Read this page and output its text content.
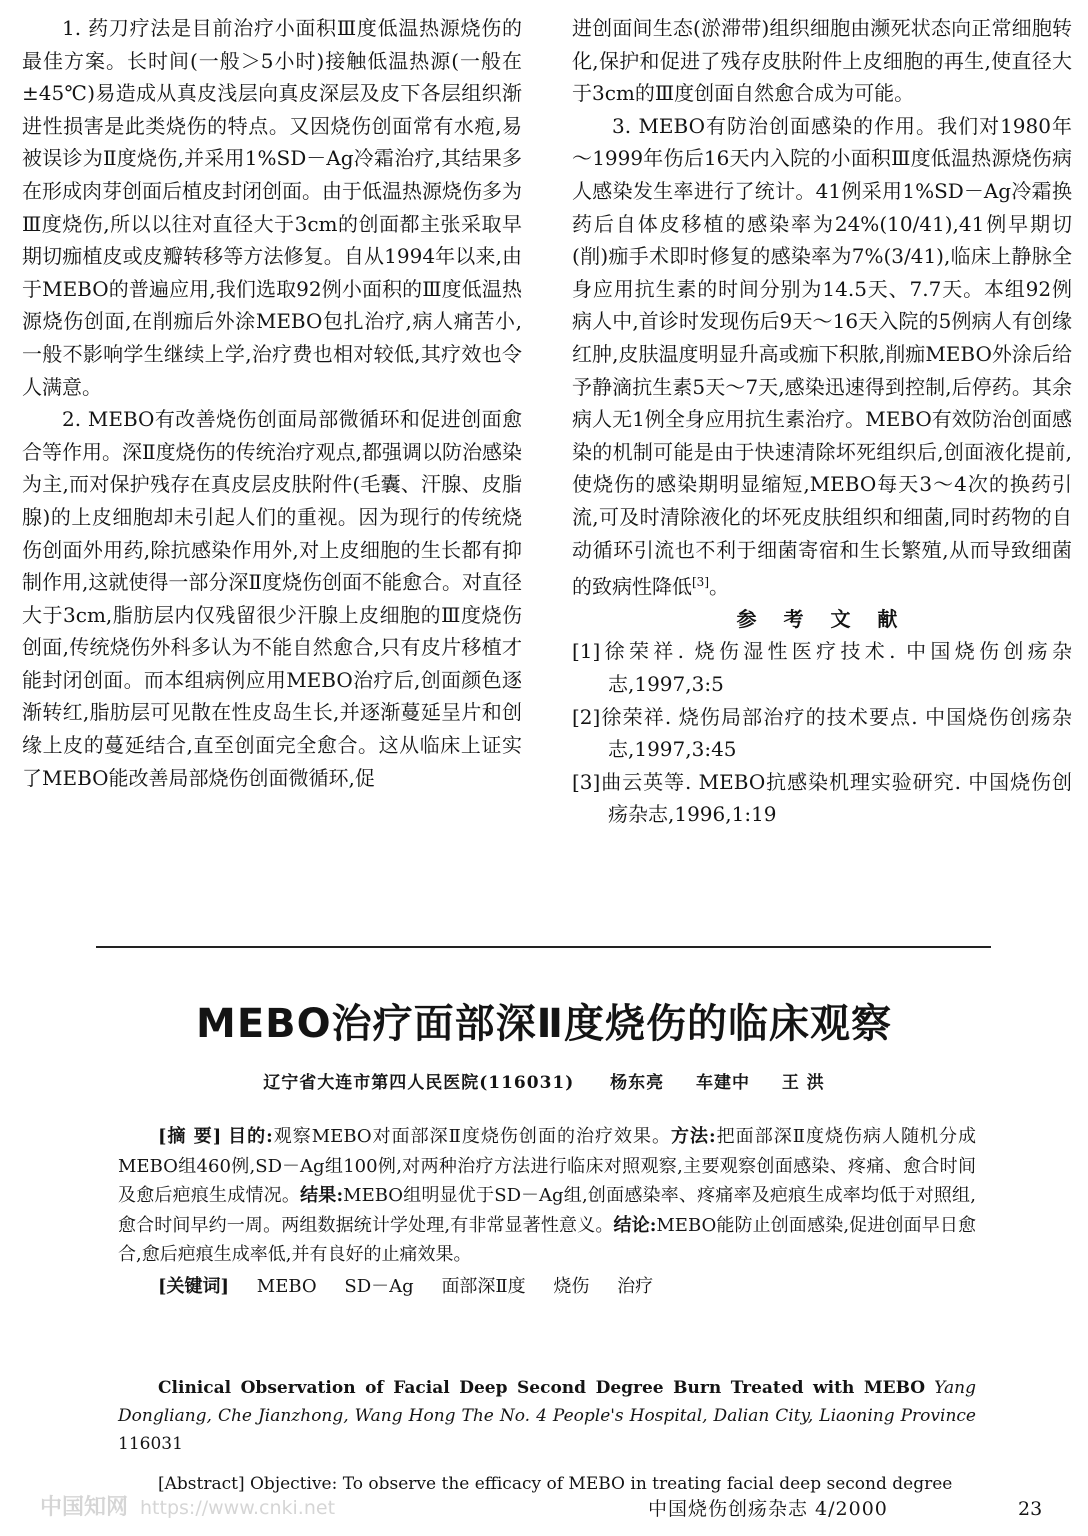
1. 药刀疗法是目前治疗小面积Ⅲ度低温热源烧伤的最佳方案。长时间(一般＞5小时)接触低温热源(一般在±45℃)易造成从真皮浅层向真皮深层及皮下各层组织渐进性损害是此类烧伤的特点。又因烧伤创面常有水疱,易被误诊为Ⅱ度烧伤,并采用1%SD－Ag冷霜治疗,其结果多在形成肉芽创面后植皮封闭创面。由于低温热源烧伤多为Ⅲ度烧伤,所以以往对直径大于3cm的创面都主张采取早期切痂植皮或皮瓣转移等方法修复。自从1994年以来,由于MEBO的普遍应用,我们选取92例小面积的Ⅲ度低温热源烧伤创面,在削痂后外涂MEBO包扎治疗,病人痛苦小,一般不影响学生继续上学,治疗费也相对较低,其疗效也令人满意。

2. MEBO有改善烧伤创面局部微循环和促进创面愈合等作用。深Ⅱ度烧伤的传统治疗观点,都强调以防治感染为主,而对保护残存在真皮层皮肤附件(毛囊、汗腺、皮脂腺)的上皮细胞却未引起人们的重视。因为现行的传统烧伤创面外用药,除抗感染作用外,对上皮细胞的生长都有抑制作用,这就使得一部分深Ⅱ度烧伤创面不能愈合。对直径大于3cm,脂肪层内仅残留很少汗腺上皮细胞的Ⅲ度烧伤创面,传统烧伤外科多认为不能自然愈合,只有皮片移植才能封闭创面。而本组病例应用MEBO治疗后,创面颜色逐渐转红,脂肪层可见散在性皮岛生长,并逐渐蔓延呈片和创缘上皮的蔓延结合,直至创面完全愈合。这从临床上证实了MEBO能改善局部烧伤创面微循环,促

进创面间生态(淤滞带)组织细胞由濒死状态向正常细胞转化,保护和促进了残存皮肤附件上皮细胞的再生,使直径大于3cm的Ⅲ度创面自然愈合成为可能。

3. MEBO有防治创面感染的作用。我们对1980年～1999年伤后16天内入院的小面积Ⅲ度低温热源烧伤病人感染发生率进行了统计。41例采用1%SD－Ag冷霜换药后自体皮移植的感染率为24%(10/41),41例早期切(削)痂手术即时修复的感染率为7%(3/41),临床上静脉全身应用抗生素的时间分别为14.5天、7.7天。本组92例病人中,首诊时发现伤后9天～16天入院的5例病人有创缘红肿,皮肤温度明显升高或痂下积脓,削痂MEBO外涂后给予静滴抗生素5天～7天,感染迅速得到控制,后停药。其余病人无1例全身应用抗生素治疗。MEBO有效防治创面感染的机制可能是由于快速清除坏死组织后,创面液化提前,使烧伤的感染期明显缩短,MEBO每天3～4次的换药引流,可及时清除液化的坏死皮肤组织和细菌,同时药物的自动循环引流也不利于细菌寄宿和生长繁殖,从而导致细菌的致病性降低[3]。

参 考 文 献

[1]徐荣祥. 烧伤湿性医疗技术. 中国烧伤创疡杂志,1997,3:5

[2]徐荣祥. 烧伤局部治疗的技术要点. 中国烧伤创疡杂志,1997,3:45

[3]曲云英等. MEBO抗感染机理实验研究. 中国烧伤创疡杂志,1996,1:19

MEBO治疗面部深Ⅱ度烧伤的临床观察
辽宁省大连市第四人民医院(116031) 杨东亮 车建中 王 洪

[摘 要] 目的:观察MEBO对面部深Ⅱ度烧伤创面的治疗效果。方法:把面部深Ⅱ度烧伤病人随机分成MEBO组460例,SD－Ag组100例,对两种治疗方法进行临床对照观察,主要观察创面感染、疼痛、愈合时间及愈后疤痕生成情况。结果:MEBO组明显优于SD－Ag组,创面感染率、疼痛率及疤痕生成率均低于对照组,愈合时间早约一周。两组数据统计学处理,有非常显著性意义。结论:MEBO能防止创面感染,促进创面早日愈合,愈后疤痕生成率低,并有良好的止痛效果。

[关键词] MEBO SD－Ag 面部深Ⅱ度 烧伤 治疗

Clinical Observation of Facial Deep Second Degree Burn Treated with MEBO Yang Dongliang, Che Jianzhong, Wang Hong The No. 4 People's Hospital, Dalian City, Liaoning Province 116031

[Abstract] Objective: To observe the efficacy of MEBO in treating facial deep second degree

中国知网 https://www.cnki.net	中国烧伤创疡杂志 4/2000	23
